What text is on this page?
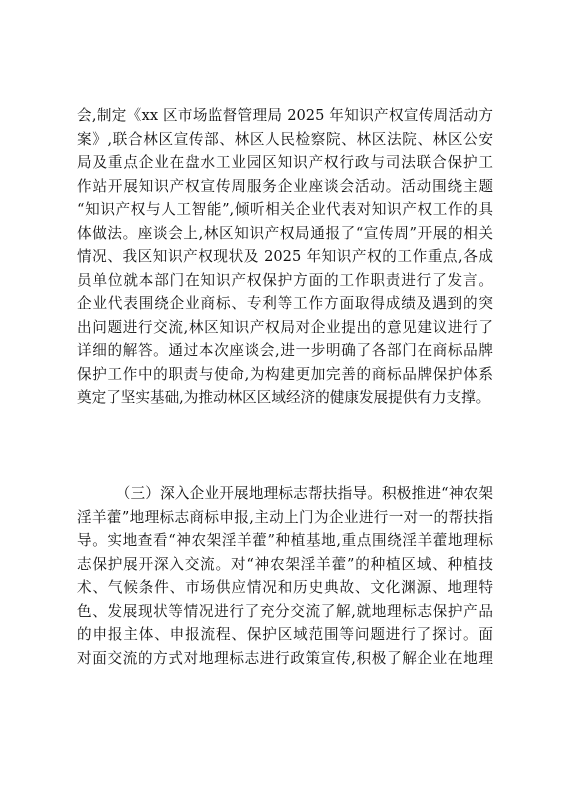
会,制定《xx 区市场监督管理局 2025 年知识产权宣传周活动方
案》,联合林区宣传部、林区人民检察院、林区法院、林区公安
局及重点企业在盘水工业园区知识产权行政与司法联合保护工
作站开展知识产权宣传周服务企业座谈会活动。活动围绕主题
“知识产权与人工智能”,倾听相关企业代表对知识产权工作的具
体做法。座谈会上,林区知识产权局通报了“宣传周”开展的相关
情况、我区知识产权现状及 2025 年知识产权的工作重点,各成
员单位就本部门在知识产权保护方面的工作职责进行了发言。
企业代表围绕企业商标、专利等工作方面取得成绩及遇到的突
出问题进行交流,林区知识产权局对企业提出的意见建议进行了
详细的解答。通过本次座谈会,进一步明确了各部门在商标品牌
保护工作中的职责与使命,为构建更加完善的商标品牌保护体系
奠定了坚实基础,为推动林区区域经济的健康发展提供有力支撑。
（三）深入企业开展地理标志帮扶指导。积极推进“神农架
淫羊藿”地理标志商标申报,主动上门为企业进行一对一的帮扶指
导。实地查看“神农架淫羊藿”种植基地,重点围绕淫羊藿地理标
志保护展开深入交流。对“神农架淫羊藿”的种植区域、种植技
术、气候条件、市场供应情况和历史典故、文化渊源、地理特
色、发展现状等情况进行了充分交流了解,就地理标志保护产品
的申报主体、申报流程、保护区域范围等问题进行了探讨。面
对面交流的方式对地理标志进行政策宣传,积极了解企业在地理
